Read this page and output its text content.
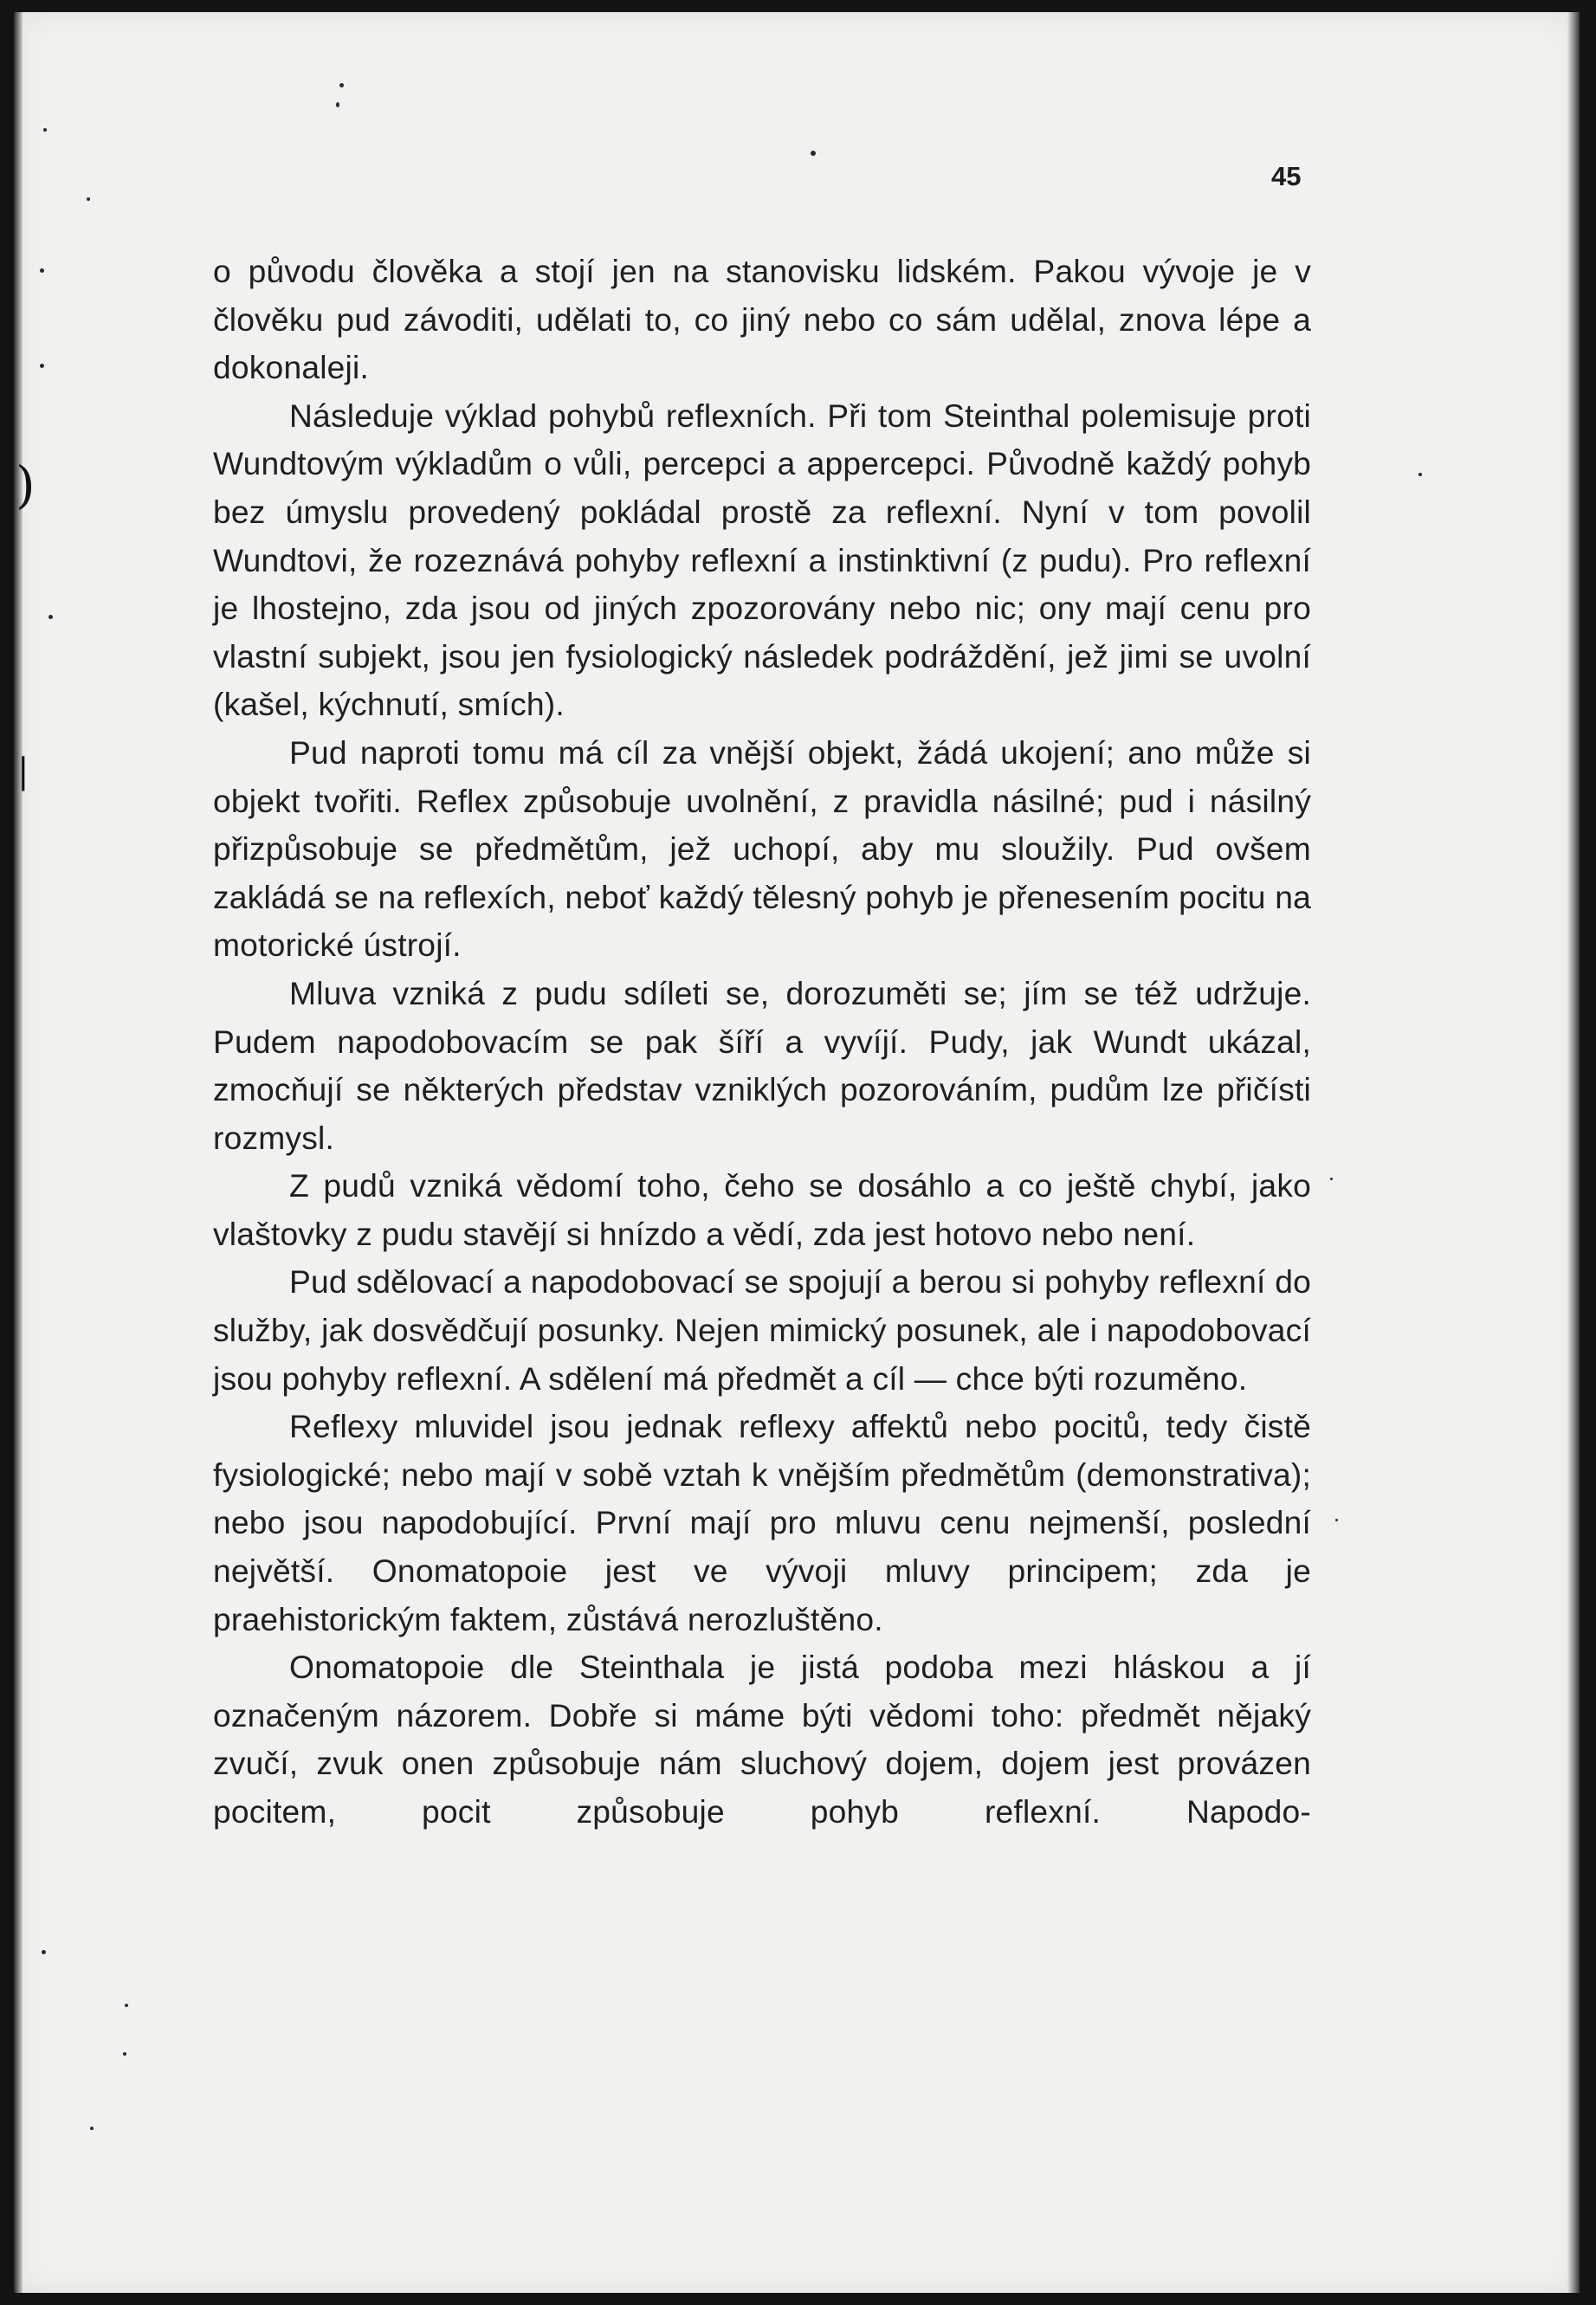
45

o původu člověka a stojí jen na stanovisku lidském. Pakou vývoje je v člověku pud závoditi, udělati to, co jiný nebo co sám udělal, znova lépe a dokonaleji.

Následuje výklad pohybů reflexních. Při tom Steinthal polemisuje proti Wundtovým výkladům o vůli, percepci a appercepci. Původně každý pohyb bez úmyslu provedený pokládal prostě za reflexní. Nyní v tom povolil Wundtovi, že rozeznává pohyby reflexní a instinktivní (z pudu). Pro reflexní je lhostejno, zda jsou od jiných zpozorovány nebo nic; ony mají cenu pro vlastní subjekt, jsou jen fysiologický následek podráždění, jež jimi se uvolní (kašel, kýchnutí, smích).

Pud naproti tomu má cíl za vnější objekt, žádá ukojení; ano může si objekt tvořiti. Reflex způsobuje uvolnění, z pravidla násilné; pud i násilný přizpůsobuje se předmětům, jež uchopí, aby mu sloužily. Pud ovšem zakládá se na reflexích, neboť každý tělesný pohyb je přenesením pocitu na motorické ústrojí.

Mluva vzniká z pudu sdíleti se, dorozuměti se; jím se též udržuje. Pudem napodobovacím se pak šíří a vyvíjí. Pudy, jak Wundt ukázal, zmocňují se některých představ vzniklých pozorováním, pudům lze přičísti rozmysl.

Z pudů vzniká vědomí toho, čeho se dosáhlo a co ještě chybí, jako vlaštovky z pudu stavějí si hnízdo a vědí, zda jest hotovo nebo není.

Pud sdělovací a napodobovací se spojují a berou si pohyby reflexní do služby, jak dosvědčují posunky. Nejen mimický posunek, ale i napodobovací jsou pohyby reflexní. A sdělení má předmět a cíl — chce býti rozuměno.

Reflexy mluvidel jsou jednak reflexy affektů nebo pocitů, tedy čistě fysiologické; nebo mají v sobě vztah k vnějším předmětům (demonstrativa); nebo jsou napodobující. První mají pro mluvu cenu nejmenší, poslední největší. Onomatopoie jest ve vývoji mluvy principem; zda je praehistorickým faktem, zůstává nerozluštěno.

Onomatopoie dle Steinthala je jistá podoba mezi hláskou a jí označeným názorem. Dobře si máme býti vědomi toho: předmět nějaký zvučí, zvuk onen způsobuje nám sluchový dojem, dojem jest provázen pocitem, pocit způsobuje pohyb reflexní. Napodo-

)
|
